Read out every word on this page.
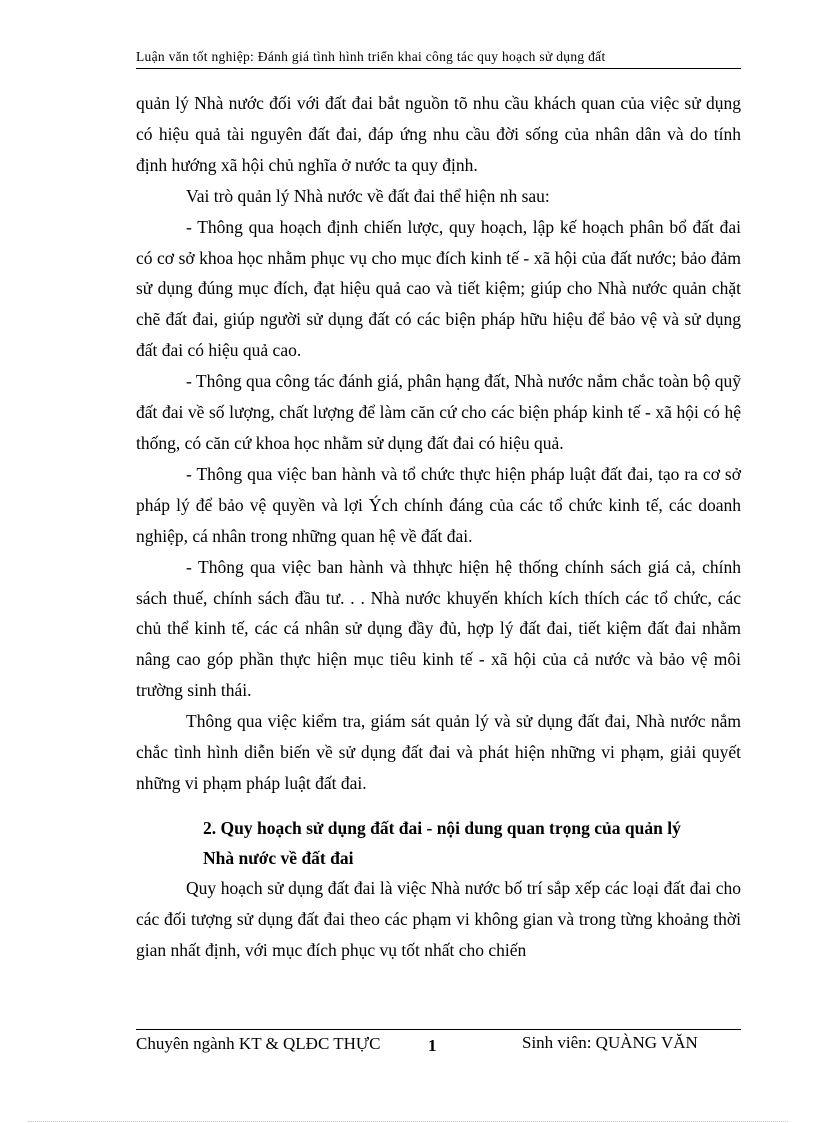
Luận văn tốt nghiệp: Đánh giá tình hình triển khai công tác quy hoạch sử dụng đất

quản lý Nhà nước đối với đất đai bắt nguồn tõ nhu cầu khách quan của việc sử dụng có hiệu quả tài nguyên đất đai, đáp ứng nhu cầu đời sống của nhân dân và do tính định hướng xã hội chủ nghĩa ở nước ta quy định.

Vai trò quản lý Nhà nước về đất đai thể hiện nh sau:

- Thông qua hoạch định chiến lược, quy hoạch, lập kế hoạch phân bổ đất đai có cơ sở khoa học nhằm phục vụ cho mục đích kinh tế - xã hội của đất nước; bảo đảm sử dụng đúng mục đích, đạt hiệu quả cao và tiết kiệm; giúp cho Nhà nước quản chặt chẽ đất đai, giúp người sử dụng đất có các biện pháp hữu hiệu để bảo vệ và sử dụng đất đai có hiệu quả cao.

- Thông qua công tác đánh giá, phân hạng đất, Nhà nước nắm chắc toàn bộ quỹ đất đai về số lượng, chất lượng để làm căn cứ cho các biện pháp kinh tế - xã hội có hệ thống, có căn cứ khoa học nhằm sử dụng đất đai có hiệu quả.

- Thông qua việc ban hành và tổ chức thực hiện pháp luật đất đai, tạo ra cơ sở pháp lý để bảo vệ quyền và lợi Ých chính đáng của các tổ chức kinh tế, các doanh nghiệp, cá nhân trong những quan hệ về đất đai.

- Thông qua việc ban hành và thhực hiện hệ thống chính sách giá cả, chính sách thuế, chính sách đầu tư. . . Nhà nước khuyến khích kích thích các tổ chức, các chủ thể kinh tế, các cá nhân sử dụng đầy đủ, hợp lý đất đai, tiết kiệm đất đai nhằm nâng cao góp phần thực hiện mục tiêu kinh tế - xã hội của cả nước và bảo vệ môi trường sinh thái.

Thông qua việc kiểm tra, giám sát quản lý và sử dụng đất đai, Nhà nước nắm chắc tình hình diễn biến về sử dụng đất đai và phát hiện những vi phạm, giải quyết những vi phạm pháp luật đất đai.

2. Quy hoạch sử dụng đất đai - nội dung quan trọng của quản lý
Nhà nước về đất đai

Quy hoạch sử dụng đất đai là việc Nhà nước bố trí sắp xếp các loại đất đai cho các đối tượng sử dụng đất đai theo các phạm vi không gian và trong từng khoảng thời gian nhất định, với mục đích phục vụ tốt nhất cho chiến

Chuyên ngành KT & QLĐC THỰC	1	Sinh viên: QUÀNG VĂN
